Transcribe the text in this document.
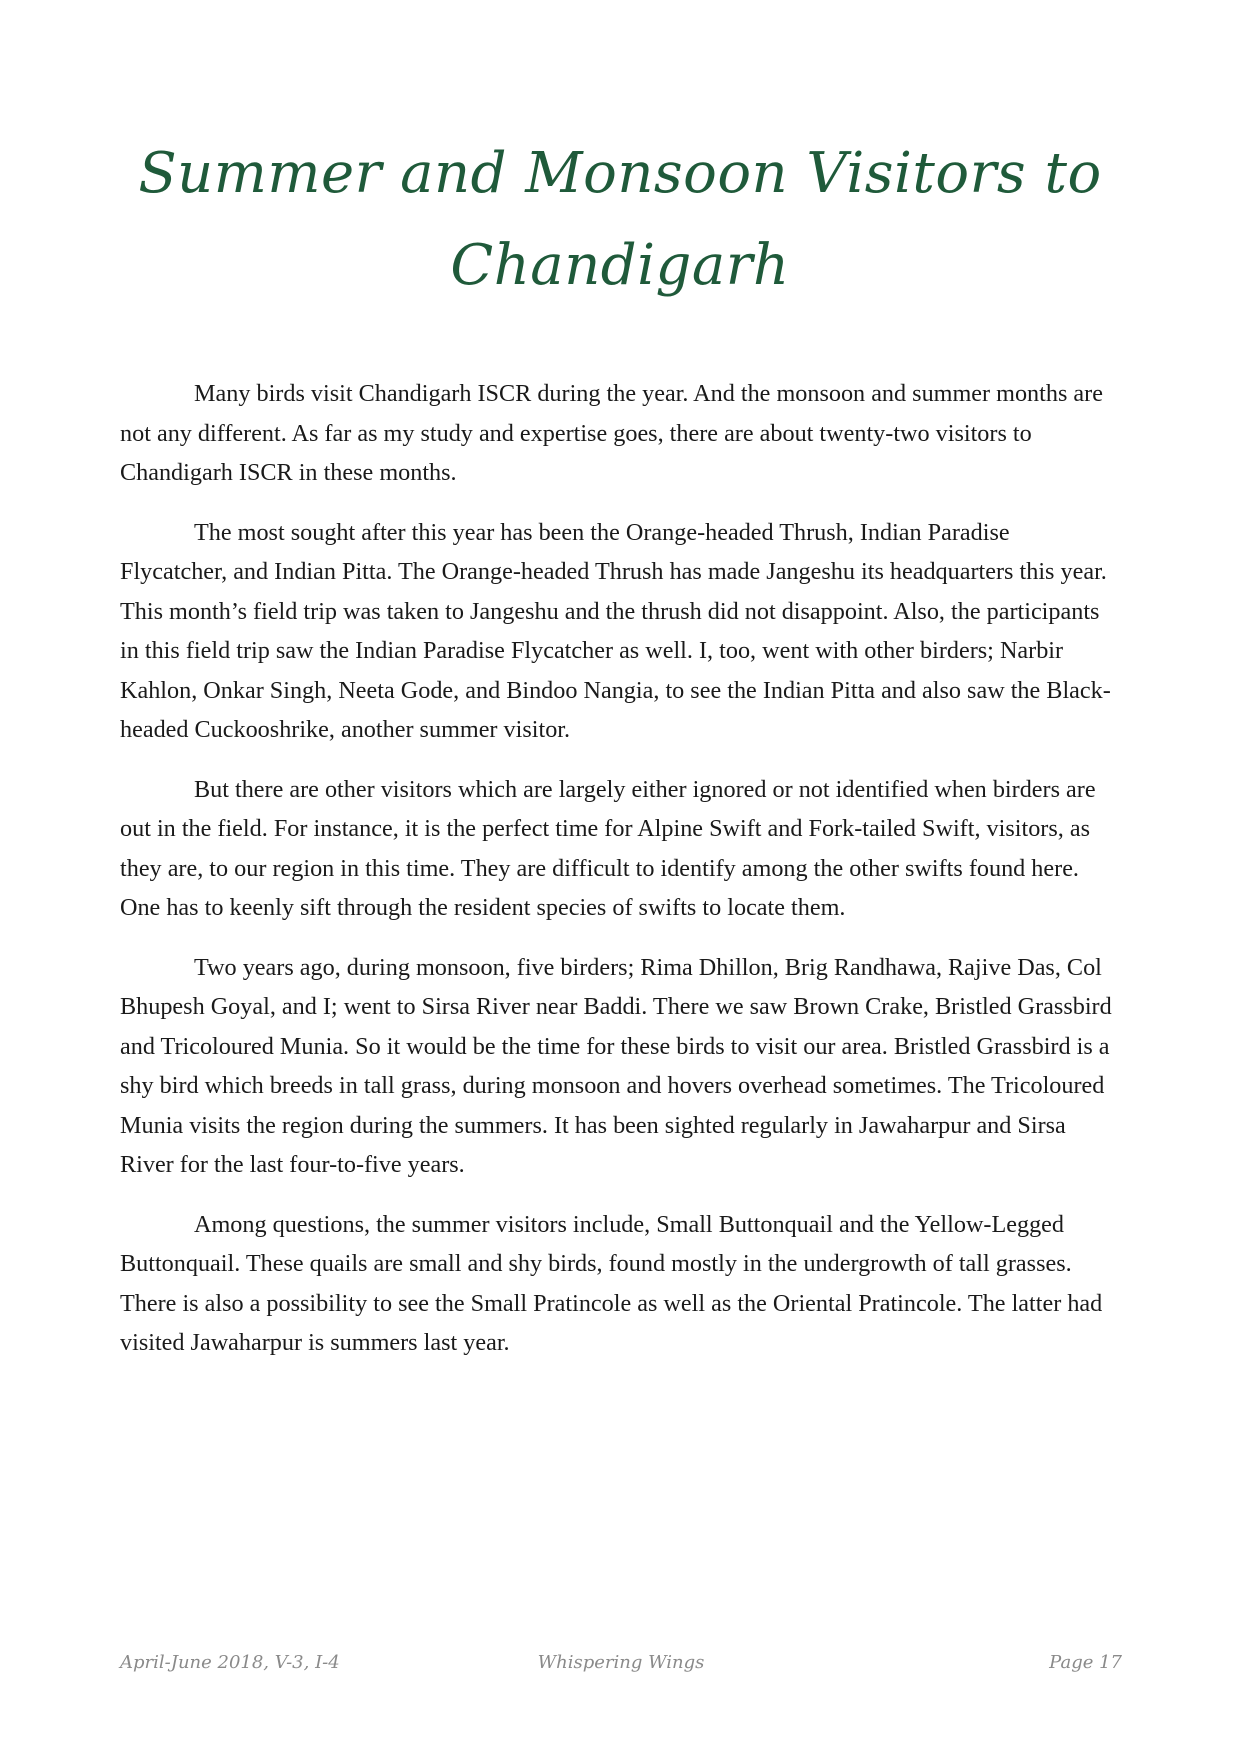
Summer and Monsoon Visitors to Chandigarh

Many birds visit Chandigarh ISCR during the year. And the monsoon and summer months are not any different. As far as my study and expertise goes, there are about twenty-two visitors to Chandigarh ISCR in these months.

The most sought after this year has been the Orange-headed Thrush, Indian Paradise Flycatcher, and Indian Pitta. The Orange-headed Thrush has made Jangeshu its headquarters this year. This month’s field trip was taken to Jangeshu and the thrush did not disappoint. Also, the participants in this field trip saw the Indian Paradise Flycatcher as well. I, too, went with other birders; Narbir Kahlon, Onkar Singh, Neeta Gode, and Bindoo Nangia, to see the Indian Pitta and also saw the Black-headed Cuckooshrike, another summer visitor.

But there are other visitors which are largely either ignored or not identified when birders are out in the field. For instance, it is the perfect time for Alpine Swift and Fork-tailed Swift, visitors, as they are, to our region in this time. They are difficult to identify among the other swifts found here. One has to keenly sift through the resident species of swifts to locate them.

Two years ago, during monsoon, five birders; Rima Dhillon, Brig Randhawa, Rajive Das, Col Bhupesh Goyal, and I; went to Sirsa River near Baddi. There we saw Brown Crake, Bristled Grassbird and Tricoloured Munia. So it would be the time for these birds to visit our area. Bristled Grassbird is a shy bird which breeds in tall grass, during monsoon and hovers overhead sometimes. The Tricoloured Munia visits the region during the summers. It has been sighted regularly in Jawaharpur and Sirsa River for the last four-to-five years.

Among questions, the summer visitors include, Small Buttonquail and the Yellow-Legged Buttonquail. These quails are small and shy birds, found mostly in the undergrowth of tall grasses. There is also a possibility to see the Small Pratincole as well as the Oriental Pratincole. The latter had visited Jawaharpur is summers last year.

April-June 2018, V-3, I-4	Whispering Wings	Page 17
